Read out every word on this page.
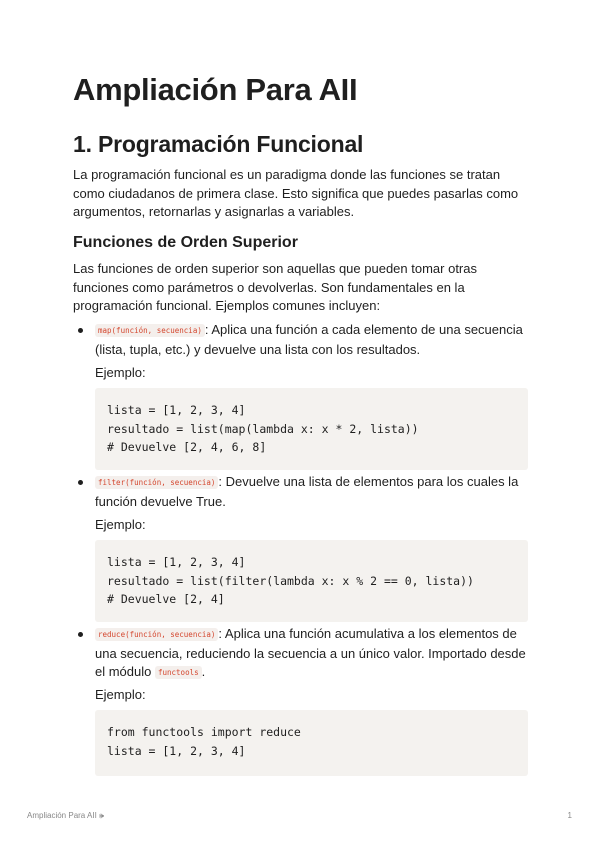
Ampliación Para AII
1. Programación Funcional

La programación funcional es un paradigma donde las funciones se tratan como ciudadanos de primera clase. Esto significa que puedes pasarlas como argumentos, retornarlas y asignarlas a variables.

Funciones de Orden Superior

Las funciones de orden superior son aquellas que pueden tomar otras funciones como parámetros o devolverlas. Son fundamentales en la programación funcional. Ejemplos comunes incluyen:

map(función, secuencia) : Aplica una función a cada elemento de una secuencia (lista, tupla, etc.) y devuelve una lista con los resultados.

Ejemplo:

lista = [1, 2, 3, 4]
resultado = list(map(lambda x: x * 2, lista))
# Devuelve [2, 4, 6, 8]

filter(función, secuencia) : Devuelve una lista de elementos para los cuales la función devuelve True.

Ejemplo:

lista = [1, 2, 3, 4]
resultado = list(filter(lambda x: x % 2 == 0, lista))
# Devuelve [2, 4]

reduce(función, secuencia) : Aplica una función acumulativa a los elementos de una secuencia, reduciendo la secuencia a un único valor. Importado desde el módulo functools .

Ejemplo:

from functools import reduce
lista = [1, 2, 3, 4]
Ampliación Para AII 🕪	1
